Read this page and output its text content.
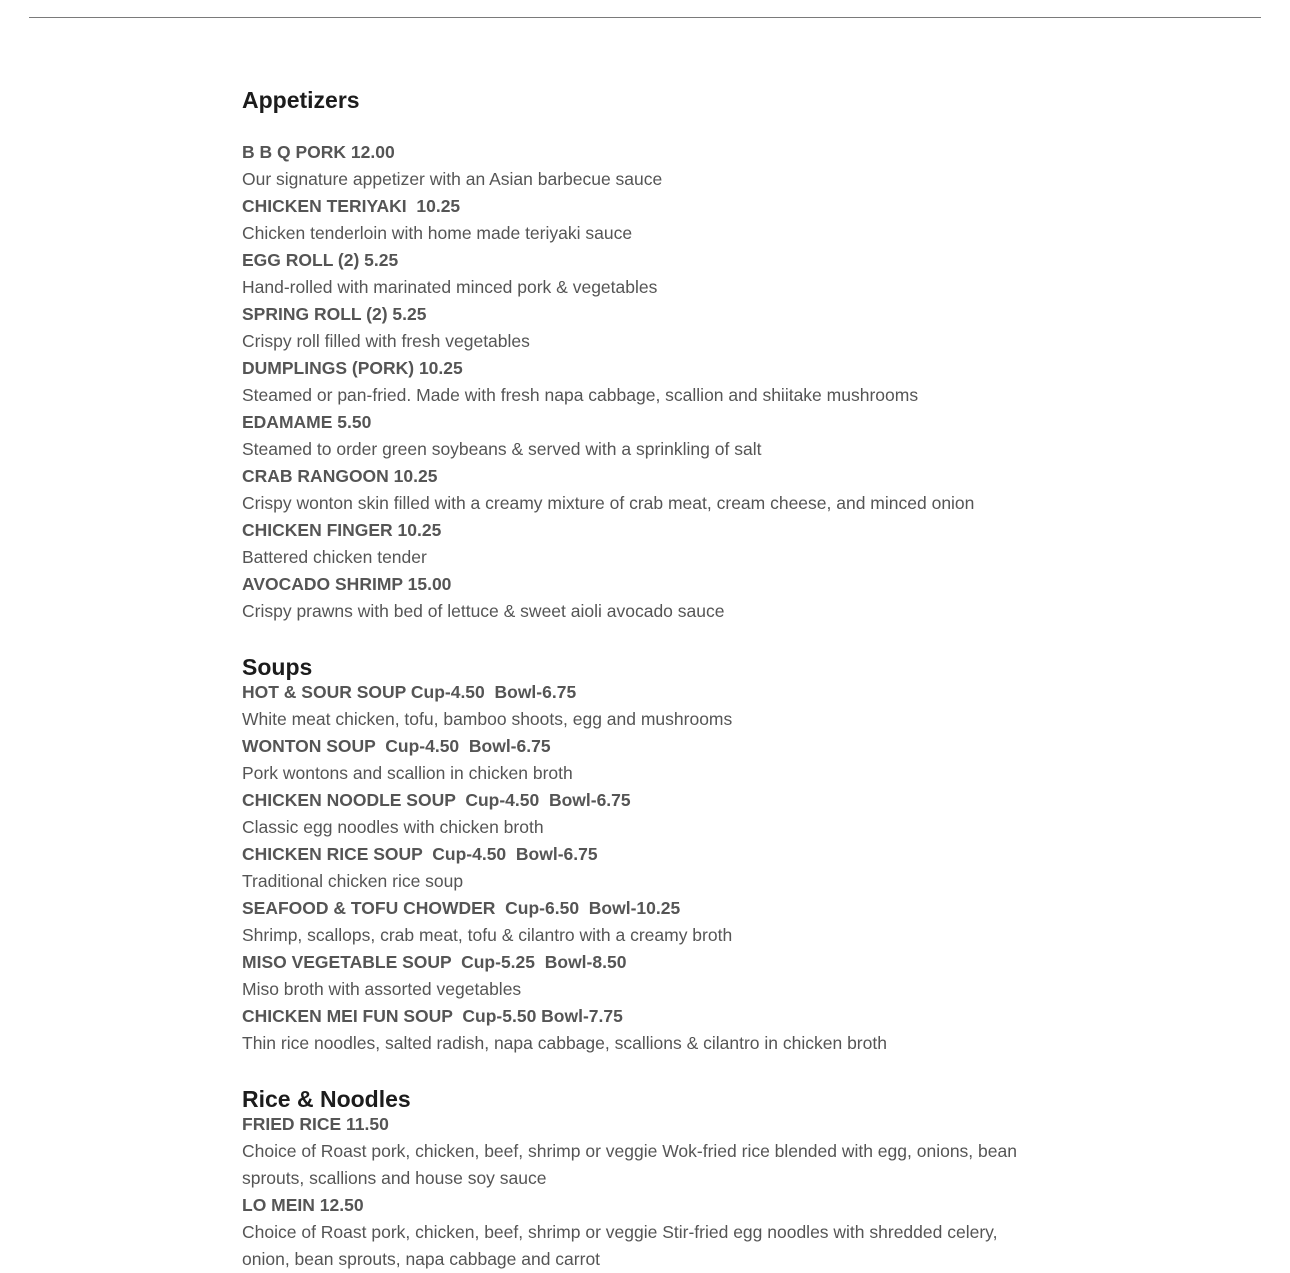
Appetizers
B B Q PORK 12.00
Our signature appetizer with an Asian barbecue sauce
CHICKEN TERIYAKI  10.25
Chicken tenderloin with home made teriyaki sauce
EGG ROLL (2) 5.25
Hand-rolled with marinated minced pork & vegetables
SPRING ROLL (2) 5.25
Crispy roll filled with fresh vegetables
DUMPLINGS (PORK) 10.25
Steamed or pan-fried. Made with fresh napa cabbage, scallion and shiitake mushrooms
EDAMAME 5.50
Steamed to order green soybeans & served with a sprinkling of salt
CRAB RANGOON 10.25
Crispy wonton skin filled with a creamy mixture of crab meat, cream cheese, and minced onion
CHICKEN FINGER 10.25
Battered chicken tender
AVOCADO SHRIMP 15.00
Crispy prawns with bed of lettuce & sweet aioli avocado sauce
Soups
HOT & SOUR SOUP Cup-4.50  Bowl-6.75
White meat chicken, tofu, bamboo shoots, egg and mushrooms
WONTON SOUP  Cup-4.50  Bowl-6.75
Pork wontons and scallion in chicken broth
CHICKEN NOODLE SOUP  Cup-4.50  Bowl-6.75
Classic egg noodles with chicken broth
CHICKEN RICE SOUP  Cup-4.50  Bowl-6.75
Traditional chicken rice soup
SEAFOOD & TOFU CHOWDER  Cup-6.50  Bowl-10.25
Shrimp, scallops, crab meat, tofu & cilantro with a creamy broth
MISO VEGETABLE SOUP  Cup-5.25  Bowl-8.50
Miso broth with assorted vegetables
CHICKEN MEI FUN SOUP  Cup-5.50 Bowl-7.75
Thin rice noodles, salted radish, napa cabbage, scallions & cilantro in chicken broth
Rice & Noodles
FRIED RICE 11.50
Choice of Roast pork, chicken, beef, shrimp or veggie Wok-fried rice blended with egg, onions, bean sprouts, scallions and house soy sauce
LO MEIN 12.50
Choice of Roast pork, chicken, beef, shrimp or veggie Stir-fried egg noodles with shredded celery, onion, bean sprouts, napa cabbage and carrot
